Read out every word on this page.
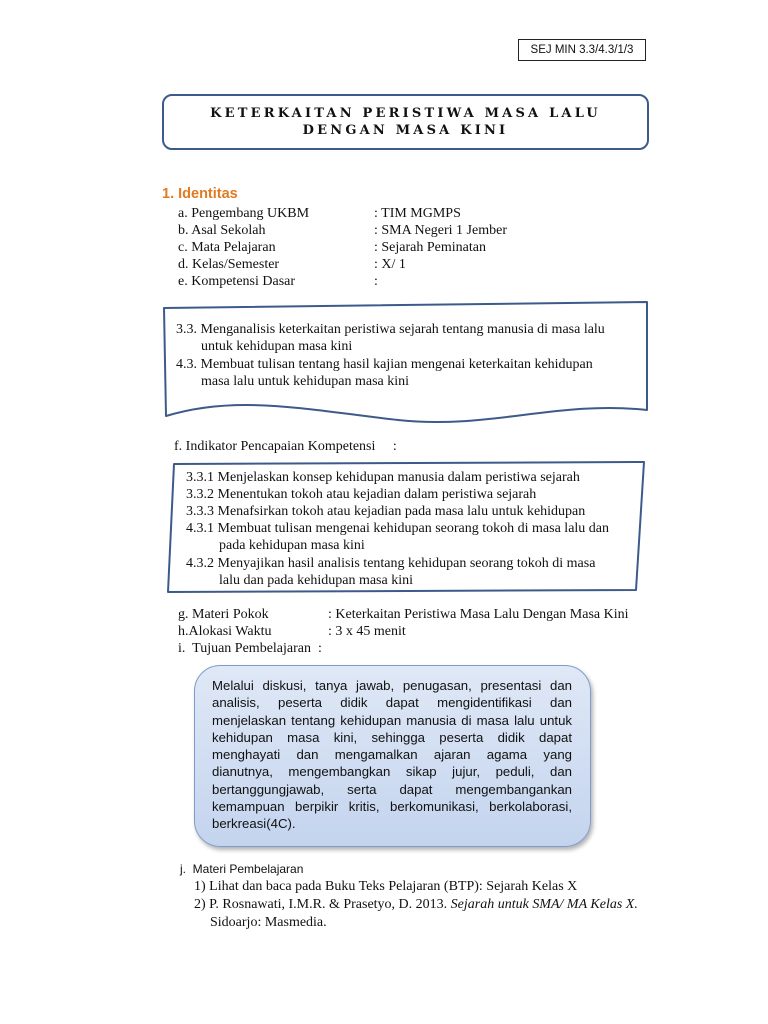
SEJ MIN 3.3/4.3/1/3
KETERKAITAN PERISTIWA MASA LALU
DENGAN MASA KINI
1. Identitas
a. Pengembang UKBM	: TIM MGMPS
b. Asal Sekolah	: SMA Negeri 1 Jember
c. Mata Pelajaran	: Sejarah Peminatan
d. Kelas/Semester	: X/ 1
e. Kompetensi Dasar	:
3.3. Menganalisis keterkaitan peristiwa sejarah tentang manusia di masa lalu
untuk kehidupan masa kini
4.3. Membuat tulisan tentang hasil kajian mengenai keterkaitan kehidupan
masa lalu untuk kehidupan masa kini
f. Indikator Pencapaian Kompetensi     :
3.3.1 Menjelaskan konsep kehidupan manusia dalam peristiwa sejarah
3.3.2 Menentukan tokoh atau kejadian dalam peristiwa sejarah
3.3.3 Menafsirkan tokoh atau kejadian pada masa lalu untuk kehidupan
4.3.1 Membuat tulisan mengenai kehidupan seorang tokoh di masa lalu dan
pada kehidupan masa kini
4.3.2 Menyajikan hasil analisis tentang kehidupan seorang tokoh di masa
lalu dan pada kehidupan masa kini
g. Materi Pokok	: Keterkaitan Peristiwa Masa Lalu Dengan Masa Kini
h.Alokasi Waktu	: 3 x 45 menit
i.  Tujuan Pembelajaran  :
Melalui diskusi, tanya jawab, penugasan, presentasi dan analisis, peserta didik dapat mengidentifikasi dan menjelaskan tentang kehidupan manusia di masa lalu untuk kehidupan masa kini, sehingga peserta didik dapat menghayati dan mengamalkan ajaran agama yang dianutnya, mengembangkan sikap jujur, peduli, dan bertanggungjawab, serta dapat mengembangankan kemampuan berpikir kritis, berkomunikasi, berkolaborasi, berkreasi(4C).
j.  Materi Pembelajaran
1) Lihat dan baca pada Buku Teks Pelajaran (BTP): Sejarah Kelas X
2) P. Rosnawati, I.M.R. & Prasetyo, D. 2013. Sejarah untuk SMA/ MA Kelas X.
Sidoarjo: Masmedia.
